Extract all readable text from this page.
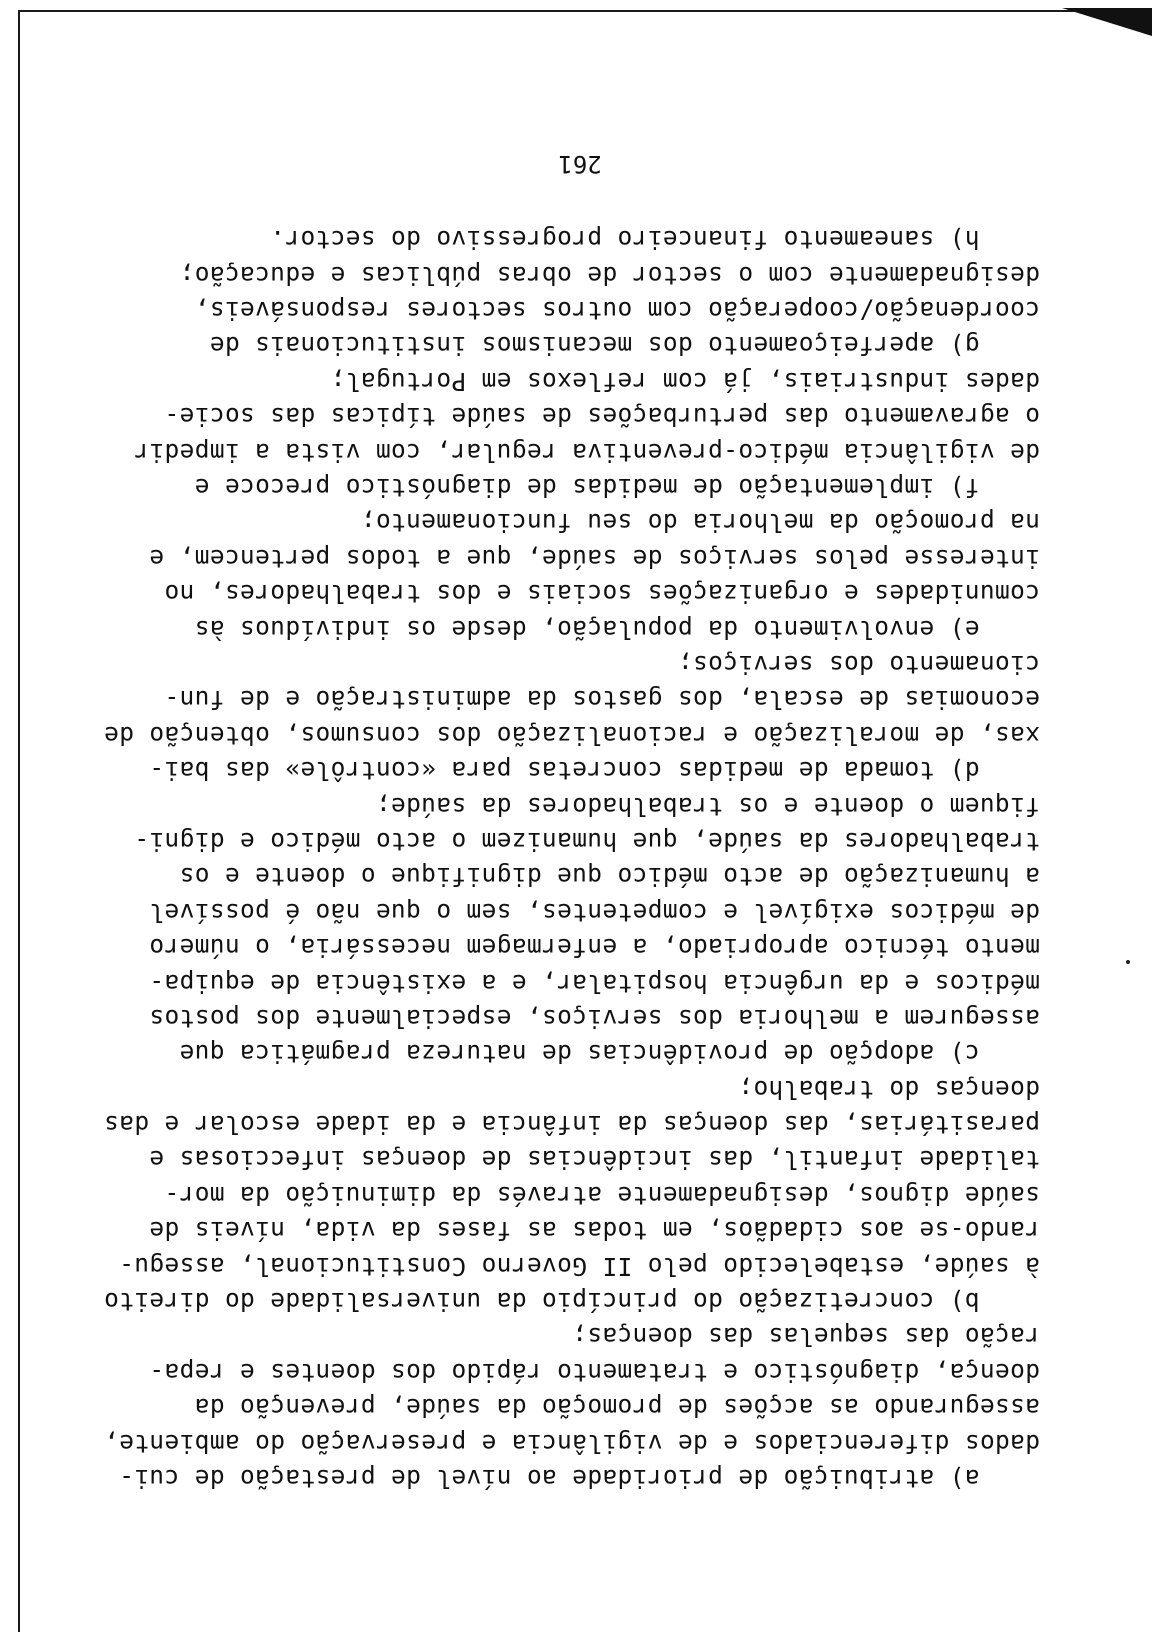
a) atribuição de prioridade ao nível de prestação de cui-
dados diferenciados e de vigilância e preservação do ambiente,
assegurando as acções de promoção da saúde, prevenção da
doença, diagnóstico e tratamento rápido dos doentes e repa-
ração das sequelas das doenças;
b) concretização do princípio da universalidade do direito
à saúde, estabelecido pelo II Governo Constitucional, assegu-
rando-se aos cidadãos, em todas as fases da vida, níveis de
saúde dignos, designadamente através da diminuição da mor-
talidade infantil, das incidências de doenças infecciosas e
parasitárias, das doenças da infância e da idade escolar e das
doenças do trabalho;
c) adopção de providências de natureza pragmática que
assegurem a melhoria dos serviços, especialmente dos postos
médicos e da urgência hospitalar, e a existência de equipa-
mento técnico apropriado, a enfermagem necessária, o número
de médicos exigível e competentes, sem o que não é possível
a humanização de acto médico que dignifique o doente e os
trabalhadores da saúde, que humanizem o acto médico e digni-
fiquem o doente e os trabalhadores da saúde;
d) tomada de medidas concretas para «contrôle» das bai-
xas, de moralização e racionalização dos consumos, obtenção de
economias de escala, dos gastos da administração e de fun-
cionamento dos serviços;
e) envolvimento da população, desde os indivíduos às
comunidades e organizações sociais e dos trabalhadores, no
interesse pelos serviços de saúde, que a todos pertencem, e
na promoção da melhoria do seu funcionamento;
f) implementação de medidas de diagnóstico precoce e
de vigilância médico-preventiva regular, com vista a impedir
o agravamento das perturbações de saúde típicas das socie-
dades industriais, já com reflexos em Portugal;
g) aperfeiçoamento dos mecanismos institucionais de
coordenação/cooperação com outros sectores responsáveis,
designadamente com o sector de obras públicas e educação;
h) saneamento financeiro progressivo do sector.
261
